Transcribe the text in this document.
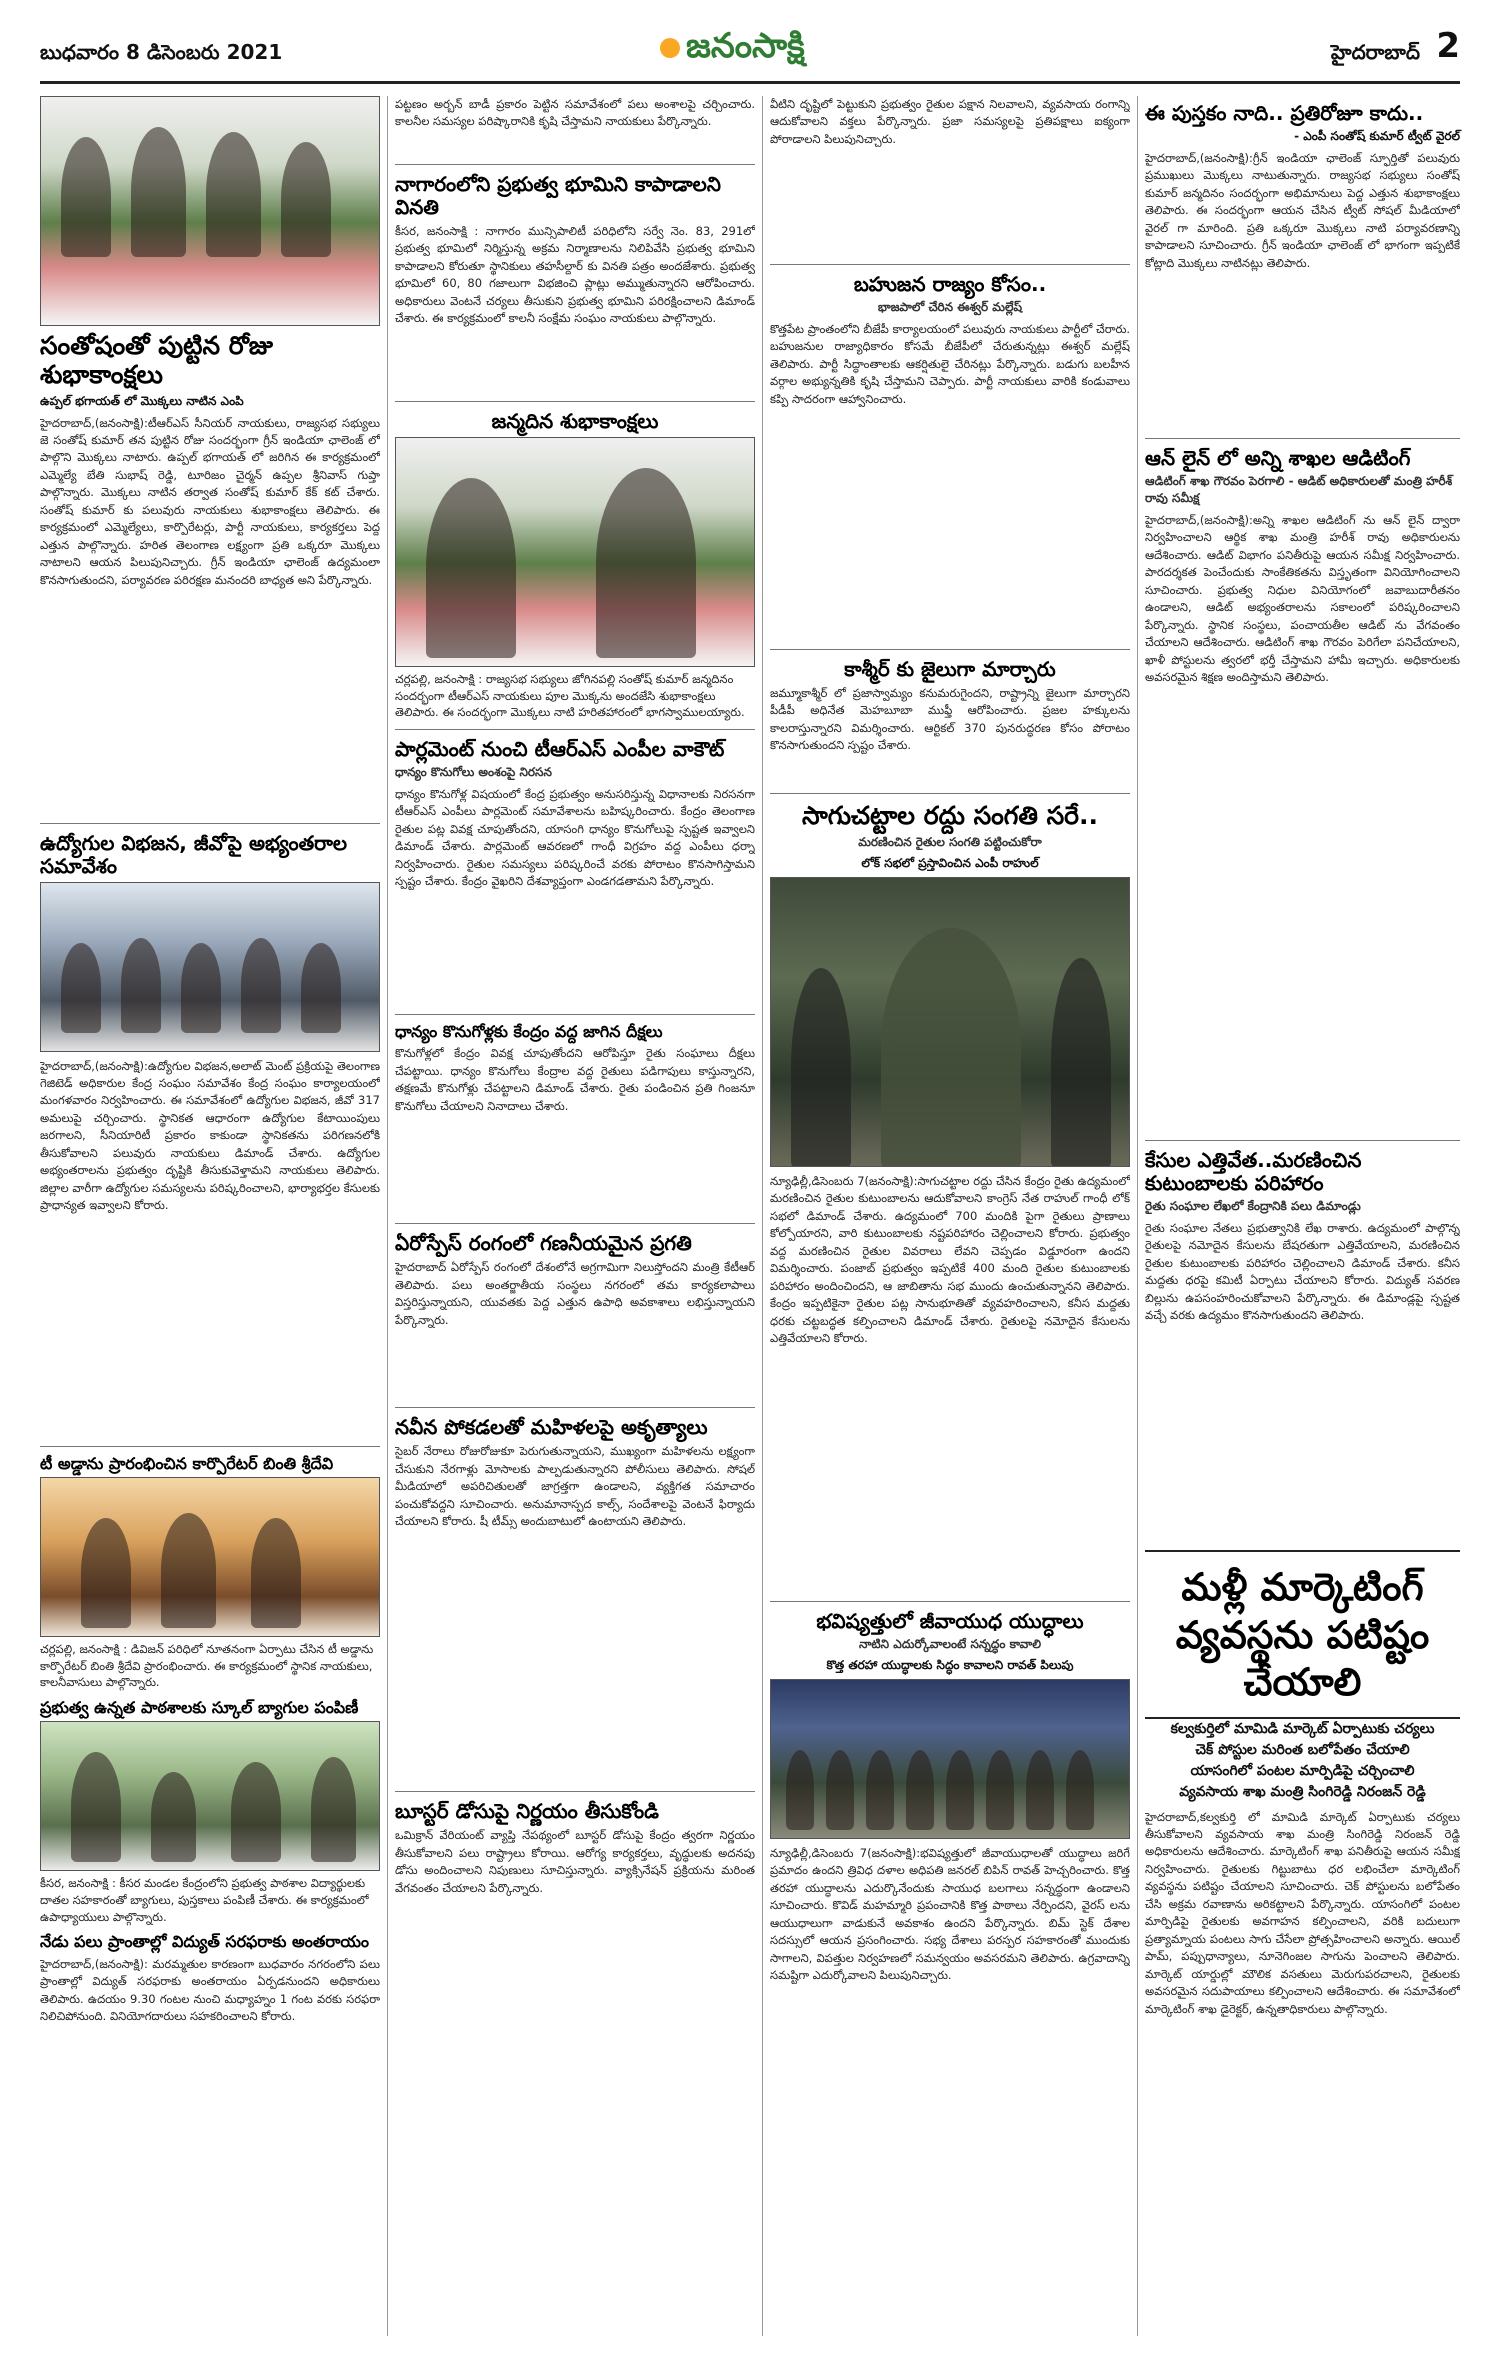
బుధవారం 8 డిసెంబరు 2021	జనంసాక్షి	హైదరాబాద్ 2
సంతోషంతో పుట్టిన రోజు శుభాకాంక్షలు
ఉప్పల్ భగాయత్ లో మొక్కలు నాటిన ఎంపి
హైదరాబాద్,(జనంసాక్షి):టీఆర్ఎస్ సీనియర్ నాయకులు, రాజ్యసభ సభ్యులు జె సంతోష్ కుమార్ తన పుట్టిన రోజు సందర్భంగా గ్రీన్ ఇండియా ఛాలెంజ్ లో పాల్గొని మొక్కలు నాటారు. ఉప్పల్ భగాయత్ లో జరిగిన ఈ కార్యక్రమంలో ఎమ్మెల్యే బేతి సుభాష్ రెడ్డి, టూరిజం చైర్మన్ ఉప్పల శ్రీనివాస్ గుప్తా పాల్గొన్నారు. మొక్కలు నాటిన తర్వాత సంతోష్ కుమార్ కేక్ కట్ చేశారు. సంతోష్ కుమార్ కు పలువురు నాయకులు శుభాకాంక్షలు తెలిపారు. ఈ కార్యక్రమంలో ఎమ్మెల్యేలు, కార్పొరేటర్లు, పార్టీ నాయకులు, కార్యకర్తలు పెద్ద ఎత్తున పాల్గొన్నారు. హరిత తెలంగాణ లక్ష్యంగా ప్రతి ఒక్కరూ మొక్కలు నాటాలని ఆయన పిలుపునిచ్చారు. గ్రీన్ ఇండియా ఛాలెంజ్ ఉద్యమంలా కొనసాగుతుందని, పర్యావరణ పరిరక్షణ మనందరి బాధ్యత అని పేర్కొన్నారు.
ఉద్యోగుల విభజన, జీవోపై అభ్యంతరాల సమావేశం
హైదరాబాద్,(జనంసాక్షి):ఉద్యోగుల విభజన,అలాట్ మెంట్ ప్రక్రియపై తెలంగాణ గెజిటెడ్ అధికారుల కేంద్ర సంఘం సమావేశం కేంద్ర సంఘం కార్యాలయంలో మంగళవారం నిర్వహించారు. ఈ సమావేశంలో ఉద్యోగుల విభజన, జీవో 317 అమలుపై చర్చించారు. స్థానికత ఆధారంగా ఉద్యోగుల కేటాయింపులు జరగాలని, సీనియారిటీ ప్రకారం కాకుండా స్థానికతను పరిగణనలోకి తీసుకోవాలని పలువురు నాయకులు డిమాండ్ చేశారు. ఉద్యోగుల అభ్యంతరాలను ప్రభుత్వం దృష్టికి తీసుకువెళ్తామని నాయకులు తెలిపారు. జిల్లాల వారీగా ఉద్యోగుల సమస్యలను పరిష్కరించాలని, భార్యాభర్తల కేసులకు ప్రాధాన్యత ఇవ్వాలని కోరారు.
టీ అడ్డాను ప్రారంభించిన కార్పొరేటర్ బింతి శ్రీదేవి
చర్లపల్లి, జనంసాక్షి : డివిజన్ పరిధిలో నూతనంగా ఏర్పాటు చేసిన టీ అడ్డాను కార్పొరేటర్ బింతి శ్రీదేవి ప్రారంభించారు. ఈ కార్యక్రమంలో స్థానిక నాయకులు, కాలనీవాసులు పాల్గొన్నారు.
ప్రభుత్వ ఉన్నత పాఠశాలకు స్కూల్ బ్యాగుల పంపిణీ
కీసర, జనంసాక్షి : కీసర మండల కేంద్రంలోని ప్రభుత్వ పాఠశాల విద్యార్థులకు దాతల సహకారంతో బ్యాగులు, పుస్తకాలు పంపిణీ చేశారు. ఈ కార్యక్రమంలో ఉపాధ్యాయులు పాల్గొన్నారు.
నేడు పలు ప్రాంతాల్లో విద్యుత్ సరఫరాకు అంతరాయం
హైదరాబాద్,(జనంసాక్షి): మరమ్మతుల కారణంగా బుధవారం నగరంలోని పలు ప్రాంతాల్లో విద్యుత్ సరఫరాకు అంతరాయం ఏర్పడనుందని అధికారులు తెలిపారు. ఉదయం 9.30 గంటల నుంచి మధ్యాహ్నం 1 గంట వరకు సరఫరా నిలిచిపోనుంది. వినియోగదారులు సహకరించాలని కోరారు.
పట్టణం అర్బన్ బాడీ ప్రకారం పెట్టిన సమావేశంలో పలు అంశాలపై చర్చించారు. కాలనీల సమస్యల పరిష్కారానికి కృషి చేస్తామని నాయకులు పేర్కొన్నారు.
నాగారంలోని ప్రభుత్వ భూమిని కాపాడాలని వినతి
కీసర, జనంసాక్షి : నాగారం మున్సిపాలిటీ పరిధిలోని సర్వే నెం. 83, 291లో ప్రభుత్వ భూమిలో నిర్మిస్తున్న అక్రమ నిర్మాణాలను నిలిపివేసి ప్రభుత్వ భూమిని కాపాడాలని కోరుతూ స్థానికులు తహసీల్దార్ కు వినతి పత్రం అందజేశారు. ప్రభుత్వ భూమిలో 60, 80 గజాలుగా విభజించి ప్లాట్లు అమ్ముతున్నారని ఆరోపించారు. అధికారులు వెంటనే చర్యలు తీసుకుని ప్రభుత్వ భూమిని పరిరక్షించాలని డిమాండ్ చేశారు. ఈ కార్యక్రమంలో కాలనీ సంక్షేమ సంఘం నాయకులు పాల్గొన్నారు.
జన్మదిన శుభాకాంక్షలు
చర్లపల్లి, జనంసాక్షి : రాజ్యసభ సభ్యులు జోగినపల్లి సంతోష్ కుమార్ జన్మదినం సందర్భంగా టీఆర్ఎస్ నాయకులు పూల మొక్కను అందజేసి శుభాకాంక్షలు తెలిపారు. ఈ సందర్భంగా మొక్కలు నాటి హరితహారంలో భాగస్వాములయ్యారు.
పార్లమెంట్ నుంచి టీఆర్ఎస్ ఎంపీల వాకౌట్
ధాన్యం కొనుగోలు అంశంపై నిరసన
ధాన్యం కొనుగోళ్ల విషయంలో కేంద్ర ప్రభుత్వం అనుసరిస్తున్న విధానాలకు నిరసనగా టీఆర్ఎస్ ఎంపీలు పార్లమెంట్ సమావేశాలను బహిష్కరించారు. కేంద్రం తెలంగాణ రైతుల పట్ల వివక్ష చూపుతోందని, యాసంగి ధాన్యం కొనుగోలుపై స్పష్టత ఇవ్వాలని డిమాండ్ చేశారు. పార్లమెంట్ ఆవరణలో గాంధీ విగ్రహం వద్ద ఎంపీలు ధర్నా నిర్వహించారు. రైతుల సమస్యలు పరిష్కరించే వరకు పోరాటం కొనసాగిస్తామని స్పష్టం చేశారు. కేంద్రం వైఖరిని దేశవ్యాప్తంగా ఎండగడతామని పేర్కొన్నారు.
ధాన్యం కొనుగోళ్లకు కేంద్రం వద్ద జాగిన దీక్షలు
కొనుగోళ్లలో కేంద్రం వివక్ష చూపుతోందని ఆరోపిస్తూ రైతు సంఘాలు దీక్షలు చేపట్టాయి. ధాన్యం కొనుగోలు కేంద్రాల వద్ద రైతులు పడిగాపులు కాస్తున్నారని, తక్షణమే కొనుగోళ్లు చేపట్టాలని డిమాండ్ చేశారు. రైతు పండించిన ప్రతి గింజనూ కొనుగోలు చేయాలని నినాదాలు చేశారు.
ఏరోస్పేస్ రంగంలో గణనీయమైన ప్రగతి
హైదరాబాద్ ఏరోస్పేస్ రంగంలో దేశంలోనే అగ్రగామిగా నిలుస్తోందని మంత్రి కేటీఆర్ తెలిపారు. పలు అంతర్జాతీయ సంస్థలు నగరంలో తమ కార్యకలాపాలు విస్తరిస్తున్నాయని, యువతకు పెద్ద ఎత్తున ఉపాధి అవకాశాలు లభిస్తున్నాయని పేర్కొన్నారు.
నవీన పోకడలతో మహిళలపై అకృత్యాలు
సైబర్ నేరాలు రోజురోజుకూ పెరుగుతున్నాయని, ముఖ్యంగా మహిళలను లక్ష్యంగా చేసుకుని నేరగాళ్లు మోసాలకు పాల్పడుతున్నారని పోలీసులు తెలిపారు. సోషల్ మీడియాలో అపరిచితులతో జాగ్రత్తగా ఉండాలని, వ్యక్తిగత సమాచారం పంచుకోవద్దని సూచించారు. అనుమానాస్పద కాల్స్, సందేశాలపై వెంటనే ఫిర్యాదు చేయాలని కోరారు. షీ టీమ్స్ అందుబాటులో ఉంటాయని తెలిపారు.
బూస్టర్ డోసుపై నిర్ణయం తీసుకోండి
ఒమిక్రాన్ వేరియంట్ వ్యాప్తి నేపథ్యంలో బూస్టర్ డోసుపై కేంద్రం త్వరగా నిర్ణయం తీసుకోవాలని పలు రాష్ట్రాలు కోరాయి. ఆరోగ్య కార్యకర్తలు, వృద్ధులకు అదనపు డోసు అందించాలని నిపుణులు సూచిస్తున్నారు. వ్యాక్సినేషన్ ప్రక్రియను మరింత వేగవంతం చేయాలని పేర్కొన్నారు.
వీటిని దృష్టిలో పెట్టుకుని ప్రభుత్వం రైతుల పక్షాన నిలవాలని, వ్యవసాయ రంగాన్ని ఆదుకోవాలని వక్తలు పేర్కొన్నారు. ప్రజా సమస్యలపై ప్రతిపక్షాలు ఐక్యంగా పోరాడాలని పిలుపునిచ్చారు.
బహుజన రాజ్యం కోసం..
భాజపాలో చేరిన ఈశ్వర్ మల్లేష్
కొత్తపేట ప్రాంతంలోని బీజేపీ కార్యాలయంలో పలువురు నాయకులు పార్టీలో చేరారు. బహుజనుల రాజ్యాధికారం కోసమే బీజేపీలో చేరుతున్నట్లు ఈశ్వర్ మల్లేష్ తెలిపారు. పార్టీ సిద్ధాంతాలకు ఆకర్షితులై చేరినట్లు పేర్కొన్నారు. బడుగు బలహీన వర్గాల అభ్యున్నతికి కృషి చేస్తామని చెప్పారు. పార్టీ నాయకులు వారికి కండువాలు కప్పి సాదరంగా ఆహ్వానించారు.
కాశ్మీర్ కు జైలుగా మార్చారు
జమ్మూకాశ్మీర్ లో ప్రజాస్వామ్యం కనుమరుగైందని, రాష్ట్రాన్ని జైలుగా మార్చారని పీడీపీ అధినేత మెహబూబా ముఫ్తీ ఆరోపించారు. ప్రజల హక్కులను కాలరాస్తున్నారని విమర్శించారు. ఆర్టికల్ 370 పునరుద్ధరణ కోసం పోరాటం కొనసాగుతుందని స్పష్టం చేశారు.
సాగుచట్టాల రద్దు సంగతి సరే..
మరణించిన రైతుల సంగతి పట్టించుకోరా
లోక్ సభలో ప్రస్తావించిన ఎంపీ రాహుల్
న్యూఢిల్లీ,డిసెంబరు 7(జనంసాక్షి):సాగుచట్టాల రద్దు చేసిన కేంద్రం రైతు ఉద్యమంలో మరణించిన రైతుల కుటుంబాలను ఆదుకోవాలని కాంగ్రెస్ నేత రాహుల్ గాంధీ లోక్ సభలో డిమాండ్ చేశారు. ఉద్యమంలో 700 మందికి పైగా రైతులు ప్రాణాలు కోల్పోయారని, వారి కుటుంబాలకు నష్టపరిహారం చెల్లించాలని కోరారు. ప్రభుత్వం వద్ద మరణించిన రైతుల వివరాలు లేవని చెప్పడం విడ్డూరంగా ఉందని విమర్శించారు. పంజాబ్ ప్రభుత్వం ఇప్పటికే 400 మంది రైతుల కుటుంబాలకు పరిహారం అందించిందని, ఆ జాబితాను సభ ముందు ఉంచుతున్నానని తెలిపారు. కేంద్రం ఇప్పటికైనా రైతుల పట్ల సానుభూతితో వ్యవహరించాలని, కనీస మద్దతు ధరకు చట్టబద్ధత కల్పించాలని డిమాండ్ చేశారు. రైతులపై నమోదైన కేసులను ఎత్తివేయాలని కోరారు.
భవిష్యత్తులో జీవాయుధ యుద్ధాలు
నాటిని ఎదుర్కోవాలంటే సన్నద్ధం కావాలి
కొత్త తరహా యుద్ధాలకు సిద్ధం కావాలని రావత్ పిలుపు
న్యూఢిల్లీ,డిసెంబరు 7(జనంసాక్షి):భవిష్యత్తులో జీవాయుధాలతో యుద్ధాలు జరిగే ప్రమాదం ఉందని త్రివిధ దళాల అధిపతి జనరల్ బిపిన్ రావత్ హెచ్చరించారు. కొత్త తరహా యుద్ధాలను ఎదుర్కొనేందుకు సాయుధ బలగాలు సన్నద్ధంగా ఉండాలని సూచించారు. కొవిడ్ మహమ్మారి ప్రపంచానికి కొత్త పాఠాలు నేర్పిందని, వైరస్ లను ఆయుధాలుగా వాడుకునే అవకాశం ఉందని పేర్కొన్నారు. బిమ్ స్టెక్ దేశాల సదస్సులో ఆయన ప్రసంగించారు. సభ్య దేశాలు పరస్పర సహకారంతో ముందుకు సాగాలని, విపత్తుల నిర్వహణలో సమన్వయం అవసరమని తెలిపారు. ఉగ్రవాదాన్ని సమష్టిగా ఎదుర్కోవాలని పిలుపునిచ్చారు.
ఈ పుస్తకం నాది.. ప్రతిరోజూ కాదు..
- ఎంపీ సంతోష్ కుమార్ ట్వీట్ వైరల్
హైదరాబాద్,(జనంసాక్షి):గ్రీన్ ఇండియా ఛాలెంజ్ స్ఫూర్తితో పలువురు ప్రముఖులు మొక్కలు నాటుతున్నారు. రాజ్యసభ సభ్యులు సంతోష్ కుమార్ జన్మదినం సందర్భంగా అభిమానులు పెద్ద ఎత్తున శుభాకాంక్షలు తెలిపారు. ఈ సందర్భంగా ఆయన చేసిన ట్వీట్ సోషల్ మీడియాలో వైరల్ గా మారింది. ప్రతి ఒక్కరూ మొక్కలు నాటి పర్యావరణాన్ని కాపాడాలని సూచించారు. గ్రీన్ ఇండియా ఛాలెంజ్ లో భాగంగా ఇప్పటికే కోట్లాది మొక్కలు నాటినట్లు తెలిపారు.
ఆన్ లైన్ లో అన్ని శాఖల ఆడిటింగ్
ఆడిటింగ్ శాఖ గౌరవం పెరగాలి - ఆడిట్ అధికారులతో మంత్రి హరీశ్ రావు సమీక్ష
హైదరాబాద్,(జనంసాక్షి):అన్ని శాఖల ఆడిటింగ్ ను ఆన్ లైన్ ద్వారా నిర్వహించాలని ఆర్థిక శాఖ మంత్రి హరీశ్ రావు అధికారులను ఆదేశించారు. ఆడిట్ విభాగం పనితీరుపై ఆయన సమీక్ష నిర్వహించారు. పారదర్శకత పెంచేందుకు సాంకేతికతను విస్తృతంగా వినియోగించాలని సూచించారు. ప్రభుత్వ నిధుల వినియోగంలో జవాబుదారీతనం ఉండాలని, ఆడిట్ అభ్యంతరాలను సకాలంలో పరిష్కరించాలని పేర్కొన్నారు. స్థానిక సంస్థలు, పంచాయతీల ఆడిట్ ను వేగవంతం చేయాలని ఆదేశించారు. ఆడిటింగ్ శాఖ గౌరవం పెరిగేలా పనిచేయాలని, ఖాళీ పోస్టులను త్వరలో భర్తీ చేస్తామని హామీ ఇచ్చారు. అధికారులకు అవసరమైన శిక్షణ అందిస్తామని తెలిపారు.
కేసుల ఎత్తివేత..మరణించిన కుటుంబాలకు పరిహారం
రైతు సంఘాల లేఖలో కేంద్రానికి పలు డిమాండ్లు
రైతు సంఘాల నేతలు ప్రభుత్వానికి లేఖ రాశారు. ఉద్యమంలో పాల్గొన్న రైతులపై నమోదైన కేసులను బేషరతుగా ఎత్తివేయాలని, మరణించిన రైతుల కుటుంబాలకు పరిహారం చెల్లించాలని డిమాండ్ చేశారు. కనీస మద్దతు ధరపై కమిటీ ఏర్పాటు చేయాలని కోరారు. విద్యుత్ సవరణ బిల్లును ఉపసంహరించుకోవాలని పేర్కొన్నారు. ఈ డిమాండ్లపై స్పష్టత వచ్చే వరకు ఉద్యమం కొనసాగుతుందని తెలిపారు.
మళ్లీ మార్కెటింగ్ వ్యవస్థను పటిష్టం చేయాలి
కల్వకుర్తిలో మామిడి మార్కెట్ ఏర్పాటుకు చర్యలు
చెక్ పోస్టుల మరింత బలోపేతం చేయాలి
యాసంగిలో పంటల మార్పిడిపై చర్చించాలి
వ్యవసాయ శాఖ మంత్రి సింగిరెడ్డి నిరంజన్ రెడ్డి
హైదరాబాద్,కల్వకుర్తి లో మామిడి మార్కెట్ ఏర్పాటుకు చర్యలు తీసుకోవాలని వ్యవసాయ శాఖ మంత్రి సింగిరెడ్డి నిరంజన్ రెడ్డి అధికారులను ఆదేశించారు. మార్కెటింగ్ శాఖ పనితీరుపై ఆయన సమీక్ష నిర్వహించారు. రైతులకు గిట్టుబాటు ధర లభించేలా మార్కెటింగ్ వ్యవస్థను పటిష్టం చేయాలని సూచించారు. చెక్ పోస్టులను బలోపేతం చేసి అక్రమ రవాణాను అరికట్టాలని పేర్కొన్నారు. యాసంగిలో పంటల మార్పిడిపై రైతులకు అవగాహన కల్పించాలని, వరికి బదులుగా ప్రత్యామ్నాయ పంటలు సాగు చేసేలా ప్రోత్సహించాలని అన్నారు. ఆయిల్ పామ్, పప్పుధాన్యాలు, నూనెగింజల సాగును పెంచాలని తెలిపారు. మార్కెట్ యార్డుల్లో మౌలిక వసతులు మెరుగుపరచాలని, రైతులకు అవసరమైన సదుపాయాలు కల్పించాలని ఆదేశించారు. ఈ సమావేశంలో మార్కెటింగ్ శాఖ డైరెక్టర్, ఉన్నతాధికారులు పాల్గొన్నారు.
